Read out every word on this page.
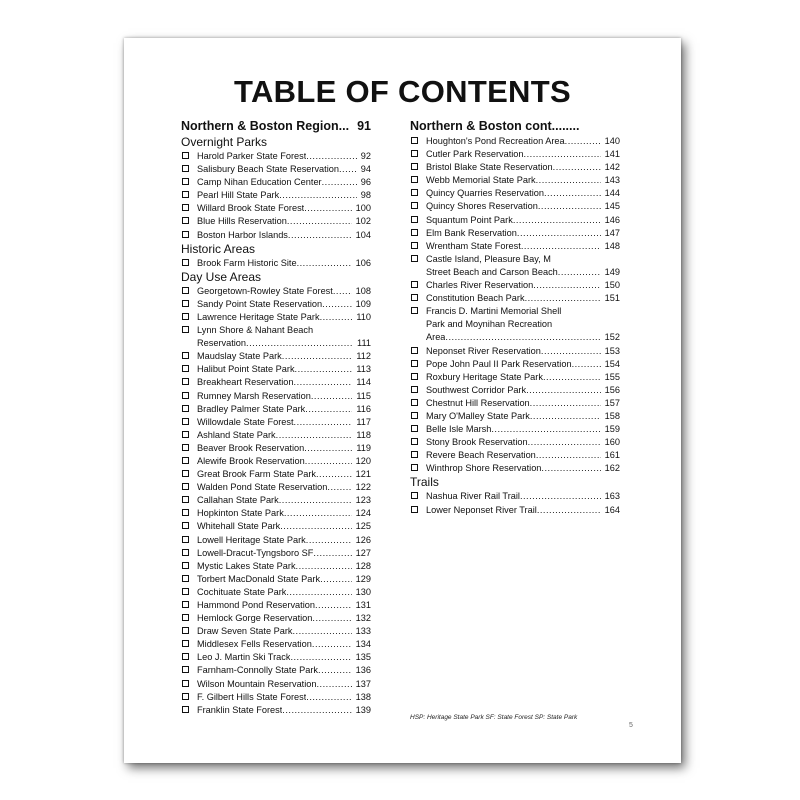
TABLE OF CONTENTS
Northern & Boston Region... 91
Overnight Parks
Harold Parker State Forest .....	92
Salisbury Beach State Reservation .....	94
Camp Nihan Education Center .....	96
Pearl Hill State Park .....	98
Willard Brook State Forest .....	100
Blue Hills Reservation .....	102
Boston Harbor Islands .....	104
Historic Areas
Brook Farm Historic Site .....	106
Day Use Areas
Georgetown-Rowley State Forest .....	108
Sandy Point State Reservation .....	109
Lawrence Heritage State Park .....	110
Lynn Shore & Nahant Beach
Reservation .....	111
Maudslay State Park .....	112
Halibut Point State Park .....	113
Breakheart Reservation .....	114
Rumney Marsh Reservation .....	115
Bradley Palmer State Park .....	116
Willowdale State Forest .....	117
Ashland State Park .....	118
Beaver Brook Reservation .....	119
Alewife Brook Reservation .....	120
Great Brook Farm State Park .....	121
Walden Pond State Reservation .....	122
Callahan State Park .....	123
Hopkinton State Park .....	124
Whitehall State Park .....	125
Lowell Heritage State Park .....	126
Lowell-Dracut-Tyngsboro SF .....	127
Mystic Lakes State Park .....	128
Torbert MacDonald State Park .....	129
Cochituate State Park .....	130
Hammond Pond Reservation .....	131
Hemlock Gorge Reservation .....	132
Draw Seven State Park .....	133
Middlesex Fells Reservation .....	134
Leo J. Martin Ski Track .....	135
Farnham-Connolly State Park .....	136
Wilson Mountain Reservation .....	137
F. Gilbert Hills State Forest .....	138
Franklin State Forest .....	139
Northern & Boston cont........
Houghton's Pond Recreation Area .....	140
Cutler Park Reservation .....	141
Bristol Blake State Reservation .....	142
Webb Memorial State Park .....	143
Quincy Quarries Reservation .....	144
Quincy Shores Reservation .....	145
Squantum Point Park .....	146
Elm Bank Reservation .....	147
Wrentham State Forest .....	148
Castle Island, Pleasure Bay, M
Street Beach and Carson Beach .....	149
Charles River Reservation .....	150
Constitution Beach Park .....	151
Francis D. Martini Memorial Shell
Park and Moynihan Recreation
Area .....	152
Neponset River Reservation .....	153
Pope John Paul II Park Reservation .....	154
Roxbury Heritage State Park .....	155
Southwest Corridor Park .....	156
Chestnut Hill Reservation .....	157
Mary O'Malley State Park .....	158
Belle Isle Marsh .....	159
Stony Brook Reservation .....	160
Revere Beach Reservation .....	161
Winthrop Shore Reservation .....	162
Trails
Nashua River Rail Trail .....	163
Lower Neponset River Trail .....	164
HSP: Heritage State Park SF: State Forest SP: State Park
5
